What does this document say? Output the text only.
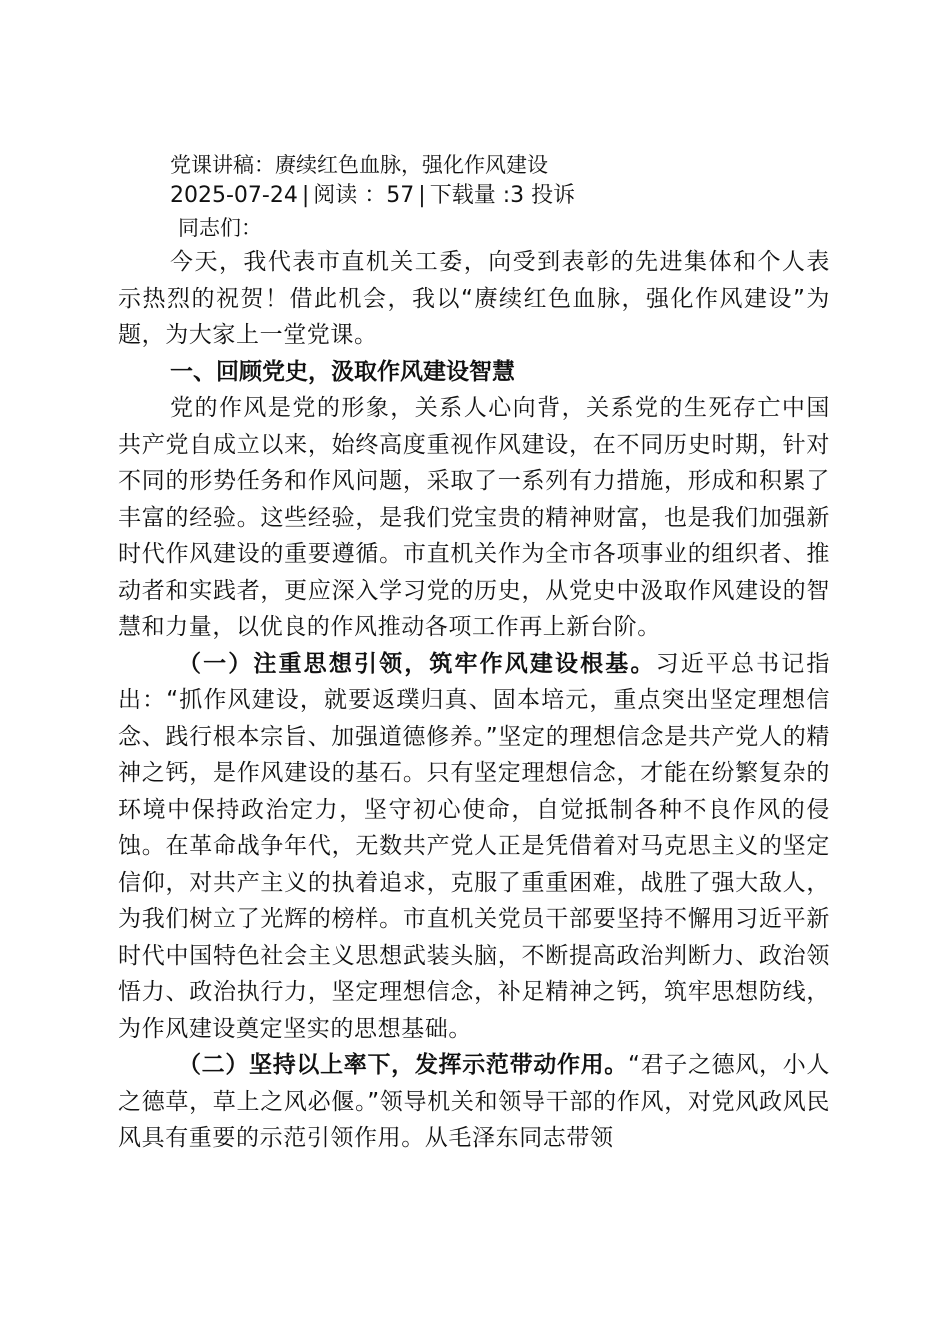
党课讲稿：赓续红色血脉，强化作风建设

2025-07-24 | 阅读 ：57 | 下载量 :3 投诉

同志们：

今天，我代表市直机关工委，向受到表彰的先进集体和个人表示热烈的祝贺！借此机会，我以“赓续红色血脉，强化作风建设”为题，为大家上一堂党课。

一、回顾党史，汲取作风建设智慧

党的作风是党的形象，关系人心向背，关系党的生死存亡中国共产党自成立以来，始终高度重视作风建设，在不同历史时期，针对不同的形势任务和作风问题，采取了一系列有力措施，形成和积累了丰富的经验。这些经验，是我们党宝贵的精神财富，也是我们加强新时代作风建设的重要遵循。市直机关作为全市各项事业的组织者、推动者和实践者，更应深入学习党的历史，从党史中汲取作风建设的智慧和力量，以优良的作风推动各项工作再上新台阶。

（一）注重思想引领，筑牢作风建设根基。习近平总书记指出：“抓作风建设，就要返璞归真、固本培元，重点突出坚定理想信念、践行根本宗旨、加强道德修养。”坚定的理想信念是共产党人的精神之钙，是作风建设的基石。只有坚定理想信念，才能在纷繁复杂的环境中保持政治定力，坚守初心使命，自觉抵制各种不良作风的侵蚀。在革命战争年代，无数共产党人正是凭借着对马克思主义的坚定信仰，对共产主义的执着追求，克服了重重困难，战胜了强大敌人，为我们树立了光辉的榜样。市直机关党员干部要坚持不懈用习近平新时代中国特色社会主义思想武装头脑，不断提高政治判断力、政治领悟力、政治执行力，坚定理想信念，补足精神之钙，筑牢思想防线，为作风建设奠定坚实的思想基础。

（二）坚持以上率下，发挥示范带动作用。“君子之德风，小人之德草，草上之风必偃。”领导机关和领导干部的作风，对党风政风民风具有重要的示范引领作用。从毛泽东同志带领
